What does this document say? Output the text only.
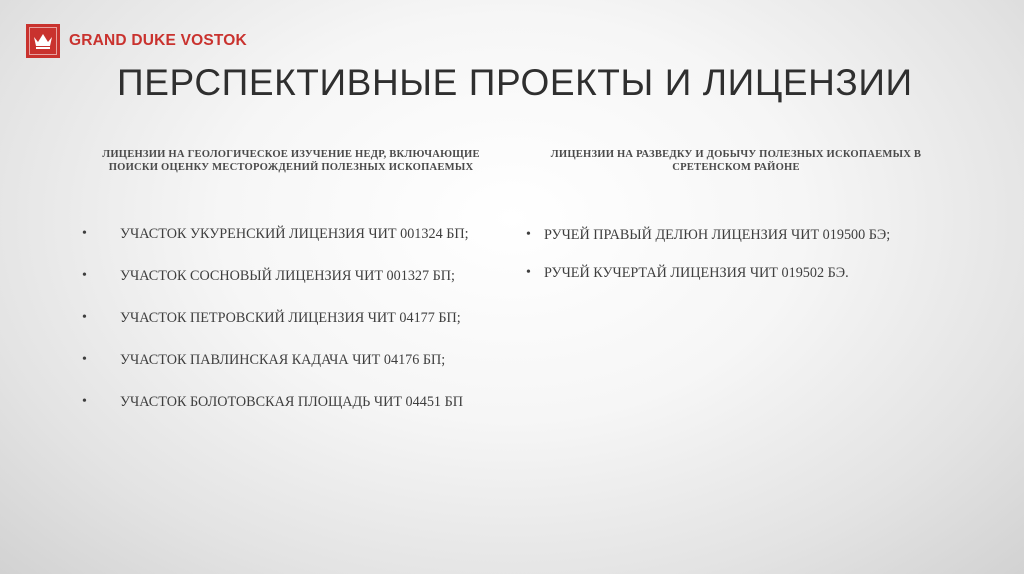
GRAND DUKE VOSTOK
ПЕРСПЕКТИВНЫЕ ПРОЕКТЫ И ЛИЦЕНЗИИ
ЛИЦЕНЗИИ НА ГЕОЛОГИЧЕСКОЕ ИЗУЧЕНИЕ НЕДР, ВКЛЮЧАЮЩИЕ ПОИСКИ ОЦЕНКУ МЕСТОРОЖДЕНИЙ ПОЛЕЗНЫХ ИСКОПАЕМЫХ
•	УЧАСТОК УКУРЕНСКИЙ ЛИЦЕНЗИЯ ЧИТ 001324 БП;
•	УЧАСТОК СОСНОВЫЙ ЛИЦЕНЗИЯ ЧИТ 001327 БП;
•	УЧАСТОК ПЕТРОВСКИЙ ЛИЦЕНЗИЯ ЧИТ 04177 БП;
•	УЧАСТОК ПАВЛИНСКАЯ КАДАЧА ЧИТ 04176 БП;
•	УЧАСТОК БОЛОТОВСКАЯ ПЛОЩАДЬ ЧИТ 04451 БП
ЛИЦЕНЗИИ НА РАЗВЕДКУ И ДОБЫЧУ ПОЛЕЗНЫХ ИСКОПАЕМЫХ В СРЕТЕНСКОМ РАЙОНЕ
• РУЧЕЙ ПРАВЫЙ ДЕЛЮН ЛИЦЕНЗИЯ ЧИТ 019500 БЭ;
• РУЧЕЙ КУЧЕРТАЙ ЛИЦЕНЗИЯ ЧИТ 019502 БЭ.
